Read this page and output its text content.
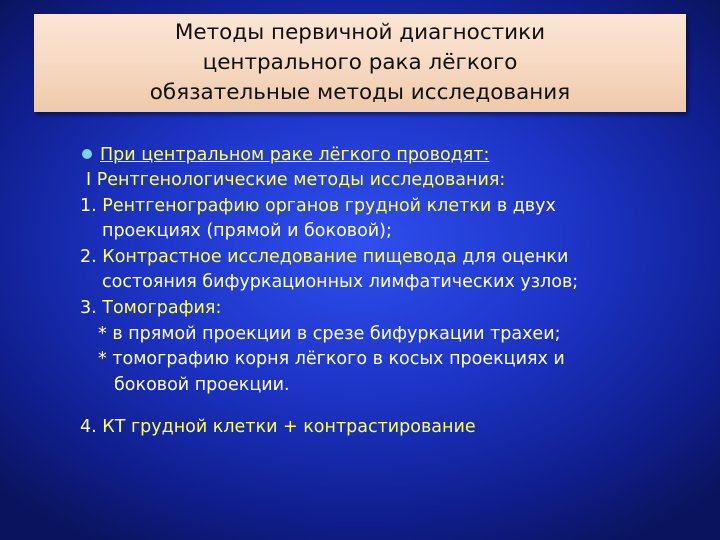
Методы первичной диагностики
центрального рака лёгкого
обязательные методы исследования
При центральном раке лёгкого проводят:
I Рентгенологические методы исследования:
1. Рентгенографию органов грудной клетки в двух
проекциях (прямой и боковой);
2. Контрастное исследование пищевода для оценки
состояния бифуркационных лимфатических узлов;
3. Томография:
* в прямой проекции в срезе бифуркации трахеи;
* томографию корня лёгкого в косых проекциях и
боковой проекции.
4. КТ грудной клетки + контрастирование
